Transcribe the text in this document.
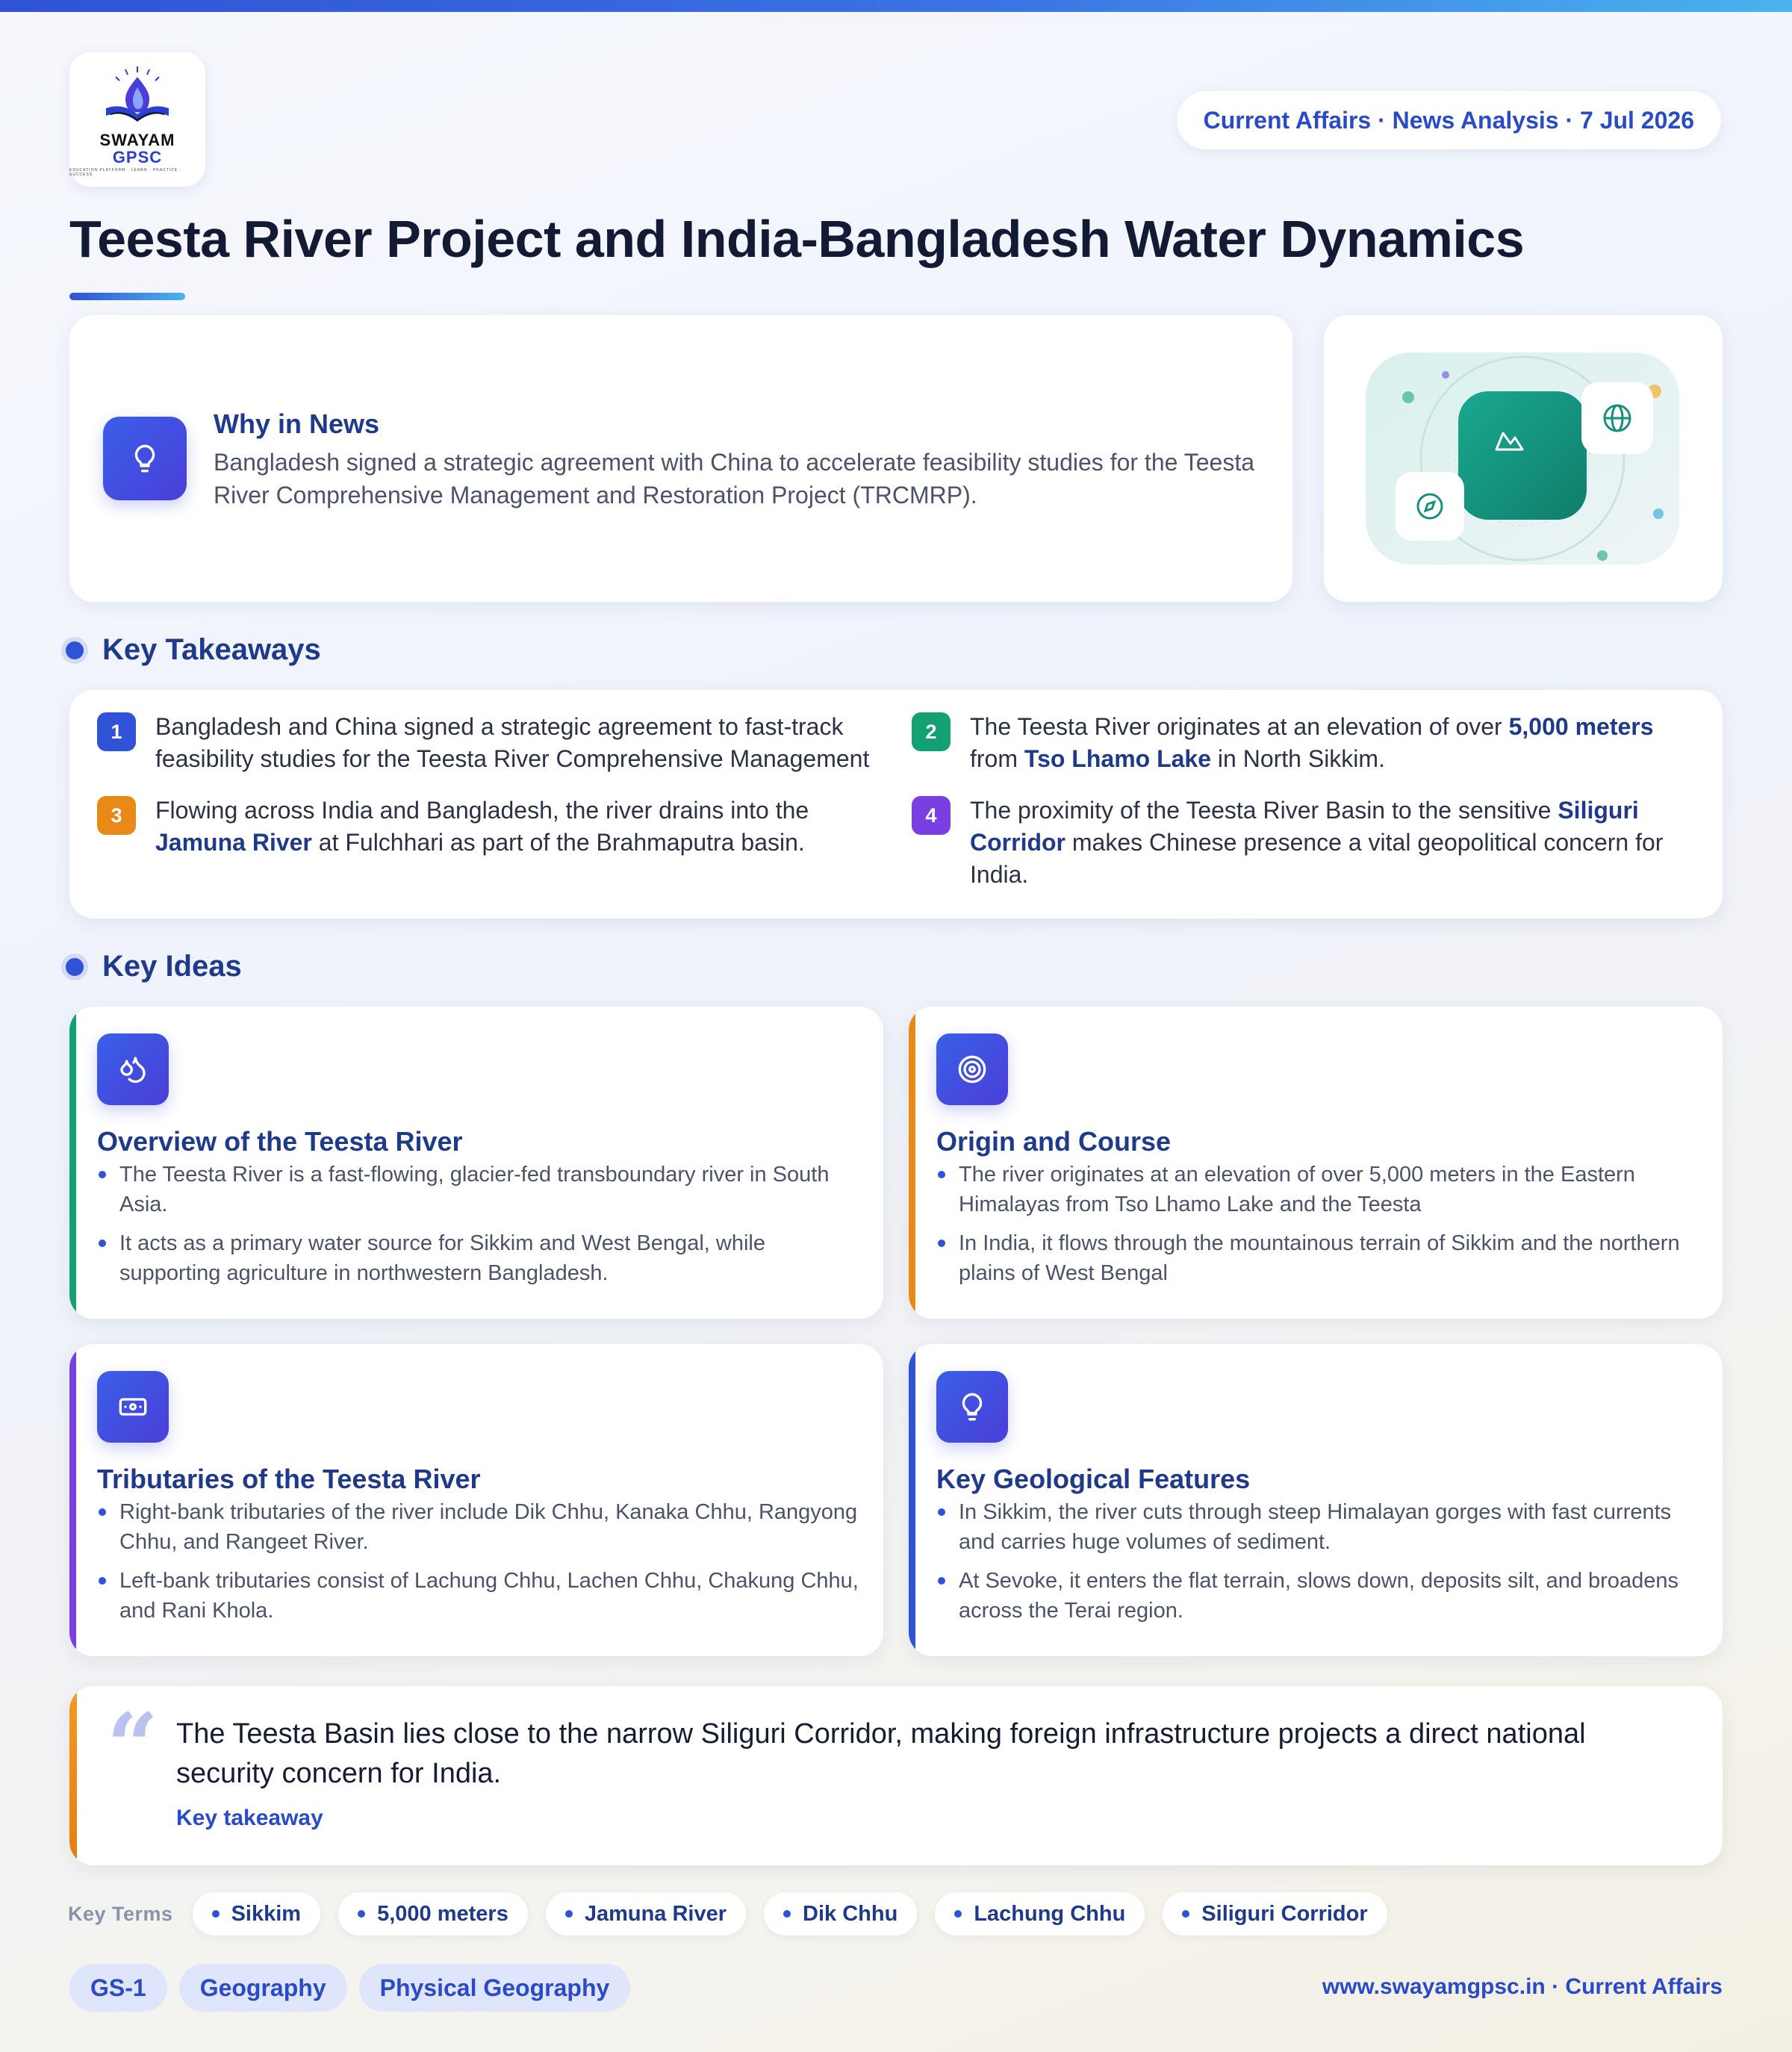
SWAYAM
GPSC
EDUCATION PLATFORM · LEARN · PRACTICE · SUCCESS
Current Affairs · News Analysis · 7 Jul 2026
Teesta River Project and India-Bangladesh Water Dynamics
Why in News
Bangladesh signed a strategic agreement with China to accelerate feasibility studies for the Teesta River Comprehensive Management and Restoration Project (TRCMRP).
Key Takeaways
1	Bangladesh and China signed a strategic agreement to fast-track feasibility studies for the Teesta River Comprehensive Management
2	The Teesta River originates at an elevation of over 5,000 meters from Tso Lhamo Lake in North Sikkim.
3	Flowing across India and Bangladesh, the river drains into the Jamuna River at Fulchhari as part of the Brahmaputra basin.
4	The proximity of the Teesta River Basin to the sensitive Siliguri Corridor makes Chinese presence a vital geopolitical concern for India.
Key Ideas
Overview of the Teesta River
The Teesta River is a fast-flowing, glacier-fed transboundary river in South Asia.
It acts as a primary water source for Sikkim and West Bengal, while supporting agriculture in northwestern Bangladesh.
Origin and Course
The river originates at an elevation of over 5,000 meters in the Eastern Himalayas from Tso Lhamo Lake and the Teesta
In India, it flows through the mountainous terrain of Sikkim and the northern plains of West Bengal
Tributaries of the Teesta River
Right-bank tributaries of the river include Dik Chhu, Kanaka Chhu, Rangyong Chhu, and Rangeet River.
Left-bank tributaries consist of Lachung Chhu, Lachen Chhu, Chakung Chhu, and Rani Khola.
Key Geological Features
In Sikkim, the river cuts through steep Himalayan gorges with fast currents and carries huge volumes of sediment.
At Sevoke, it enters the flat terrain, slows down, deposits silt, and broadens across the Terai region.
“ The Teesta Basin lies close to the narrow Siliguri Corridor, making foreign infrastructure projects a direct national security concern for India.
Key takeaway
Key Terms	Sikkim	5,000 meters	Jamuna River	Dik Chhu	Lachung Chhu	Siliguri Corridor
GS-1	Geography	Physical Geography	www.swayamgpsc.in · Current Affairs
